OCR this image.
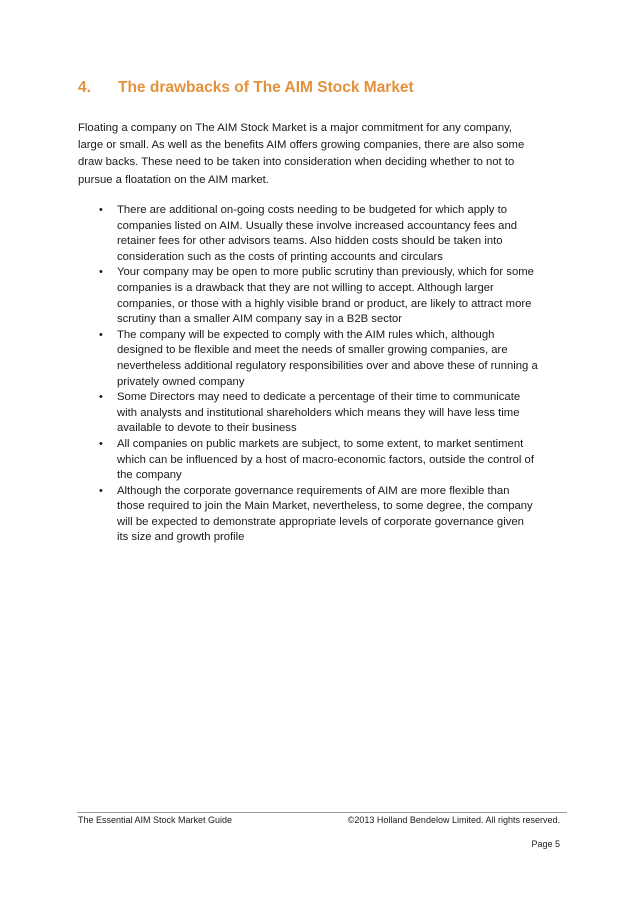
4. The drawbacks of The AIM Stock Market
Floating a company on The AIM Stock Market is a major commitment for any company,
large or small. As well as the benefits AIM offers growing companies, there are also some
draw backs. These need to be taken into consideration when deciding whether to not to
pursue a floatation on the AIM market.
• There are additional on-going costs needing to be budgeted for which apply to
companies listed on AIM. Usually these involve increased accountancy fees and
retainer fees for other advisors teams. Also hidden costs should be taken into
consideration such as the costs of printing accounts and circulars
• Your company may be open to more public scrutiny than previously, which for some
companies is a drawback that they are not willing to accept. Although larger
companies, or those with a highly visible brand or product, are likely to attract more
scrutiny than a smaller AIM company say in a B2B sector
• The company will be expected to comply with the AIM rules which, although
designed to be flexible and meet the needs of smaller growing companies, are
nevertheless additional regulatory responsibilities over and above these of running a
privately owned company
• Some Directors may need to dedicate a percentage of their time to communicate
with analysts and institutional shareholders which means they will have less time
available to devote to their business
• All companies on public markets are subject, to some extent, to market sentiment
which can be influenced by a host of macro-economic factors, outside the control of
the company
• Although the corporate governance requirements of AIM are more flexible than
those required to join the Main Market, nevertheless, to some degree, the company
will be expected to demonstrate appropriate levels of corporate governance given
its size and growth profile
The Essential AIM Stock Market Guide	©2013 Holland Bendelow Limited. All rights reserved.
Page 5
